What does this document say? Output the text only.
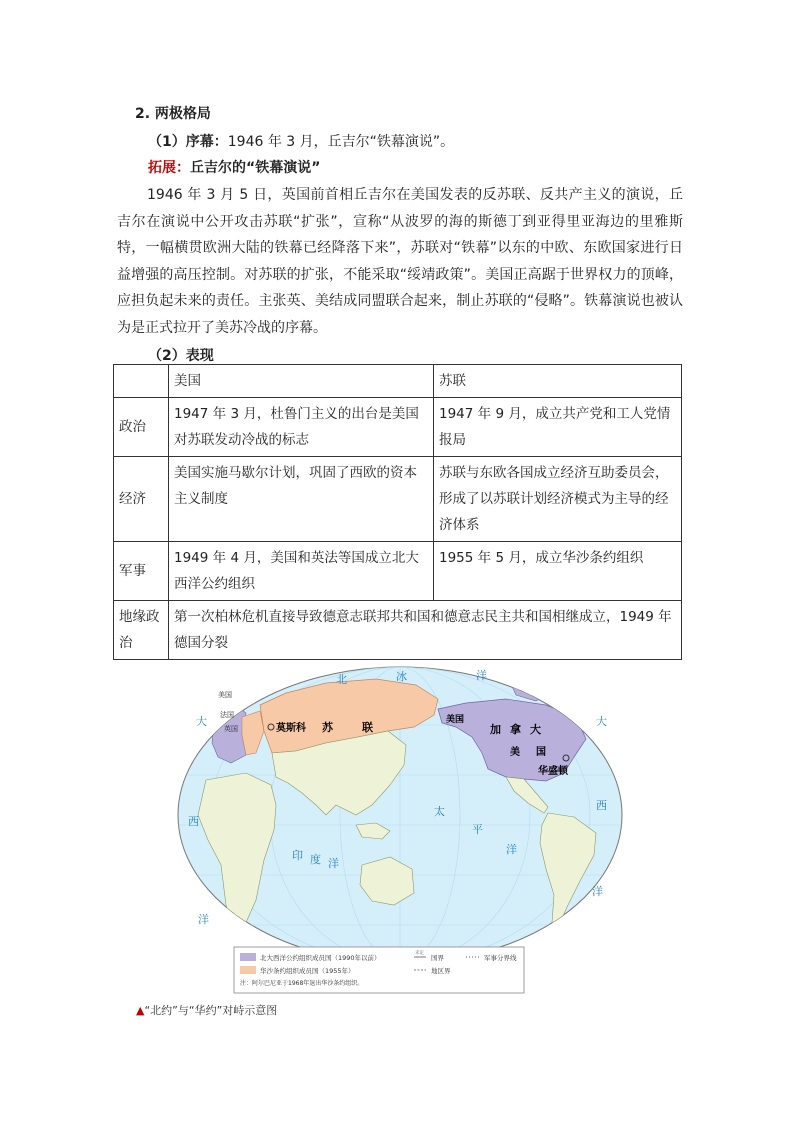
2. 两极格局
（1）序幕：1946 年 3 月，丘吉尔“铁幕演说”。
拓展：丘吉尔的“铁幕演说”
1946 年 3 月 5 日，英国前首相丘吉尔在美国发表的反苏联、反共产主义的演说，丘吉尔在演说中公开攻击苏联“扩张”，宣称“从波罗的海的斯德丁到亚得里亚海边的里雅斯特，一幅横贯欧洲大陆的铁幕已经降落下来”，苏联对“铁幕”以东的中欧、东欧国家进行日益增强的高压控制。对苏联的扩张，不能采取“绥靖政策”。美国正高踞于世界权力的顶峰，应担负起未来的责任。主张英、美结成同盟联合起来，制止苏联的“侵略”。铁幕演说也被认为是正式拉开了美苏冷战的序幕。
（2）表现
	美国	苏联
政治	1947 年 3 月，杜鲁门主义的出台是美国对苏联发动冷战的标志	1947 年 9 月，成立共产党和工人党情报局
经济	美国实施马歇尔计划，巩固了西欧的资本主义制度	苏联与东欧各国成立经济互助委员会，形成了以苏联计划经济模式为主导的经济体系
军事	1949 年 4 月，美国和英法等国成立北大西洋公约组织	1955 年 5 月，成立华沙条约组织
地缘政治	第一次柏林危机直接导致德意志联邦共和国和德意志民主共和国相继成立，1949 年德国分裂	
莫斯科 苏	联
美国
加 拿 大
美 国
华盛顿
美国
法国
英国
北	冰	洋
大	大
西
洋
太
平
洋
印 度 洋
西
洋
北大西洋公约组织成员国（1990年以前）
华沙条约组织成员国（1955年）
注：阿尔巴尼亚于1968年退出华沙条约组织。
未定
国界
地区界
军事分界线
▲“北约”与“华约”对峙示意图
